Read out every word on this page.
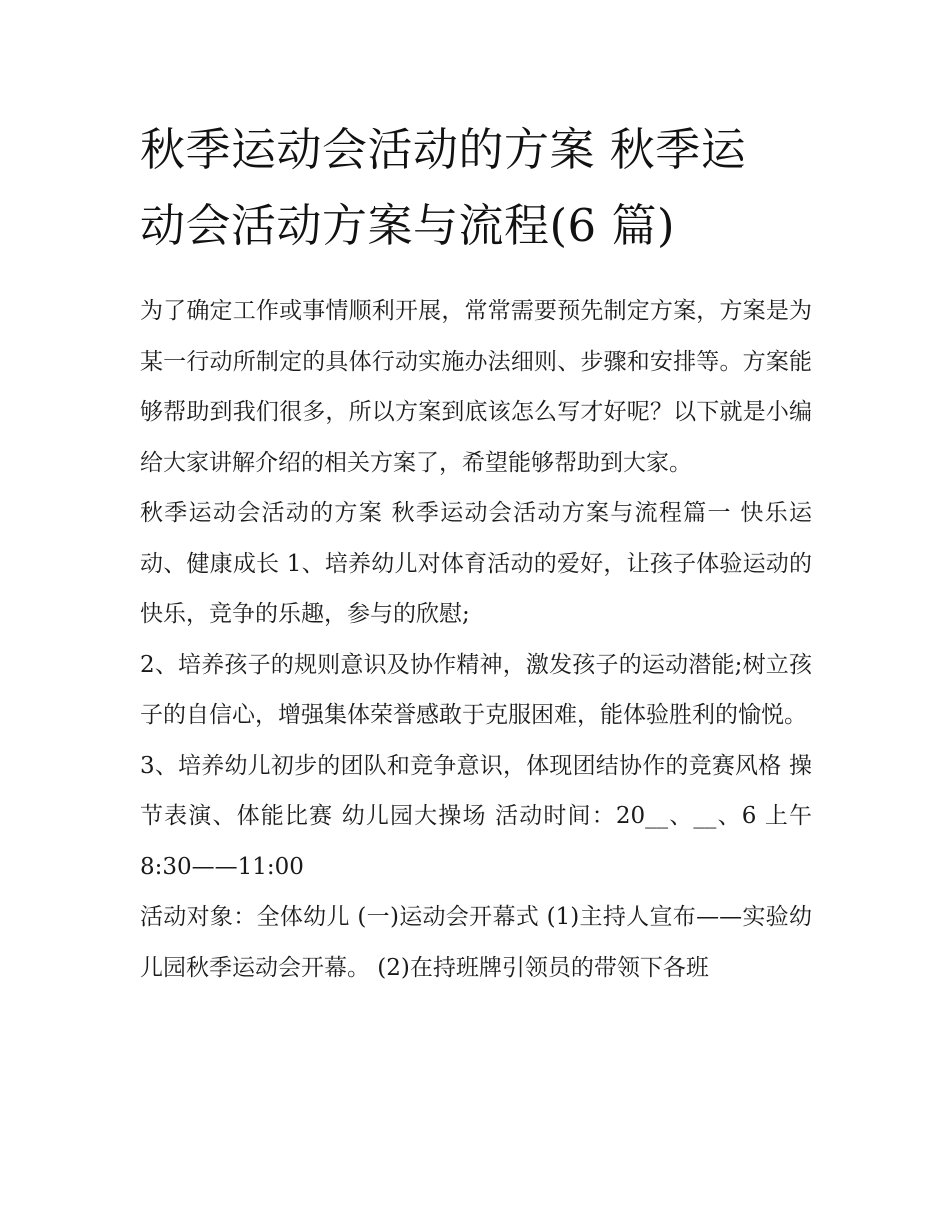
秋季运动会活动的方案 秋季运
动会活动方案与流程(6 篇)

为了确定工作或事情顺利开展，常常需要预先制定方案，方案是为某一行动所制定的具体行动实施办法细则、步骤和安排等。方案能够帮助到我们很多，所以方案到底该怎么写才好呢？以下就是小编给大家讲解介绍的相关方案了，希望能够帮助到大家。

秋季运动会活动的方案 秋季运动会活动方案与流程篇一 快乐运动、健康成长 1、培养幼儿对体育活动的爱好，让孩子体验运动的快乐，竞争的乐趣，参与的欣慰;

2、培养孩子的规则意识及协作精神，激发孩子的运动潜能;树立孩子的自信心，增强集体荣誉感敢于克服困难，能体验胜利的愉悦。

3、培养幼儿初步的团队和竞争意识，体现团结协作的竞赛风格 操节表演、体能比赛 幼儿园大操场 活动时间：20__、__、6 上午 8:30——11:00

活动对象：全体幼儿 (一)运动会开幕式 (1)主持人宣布——实验幼儿园秋季运动会开幕。 (2)在持班牌引领员的带领下各班
